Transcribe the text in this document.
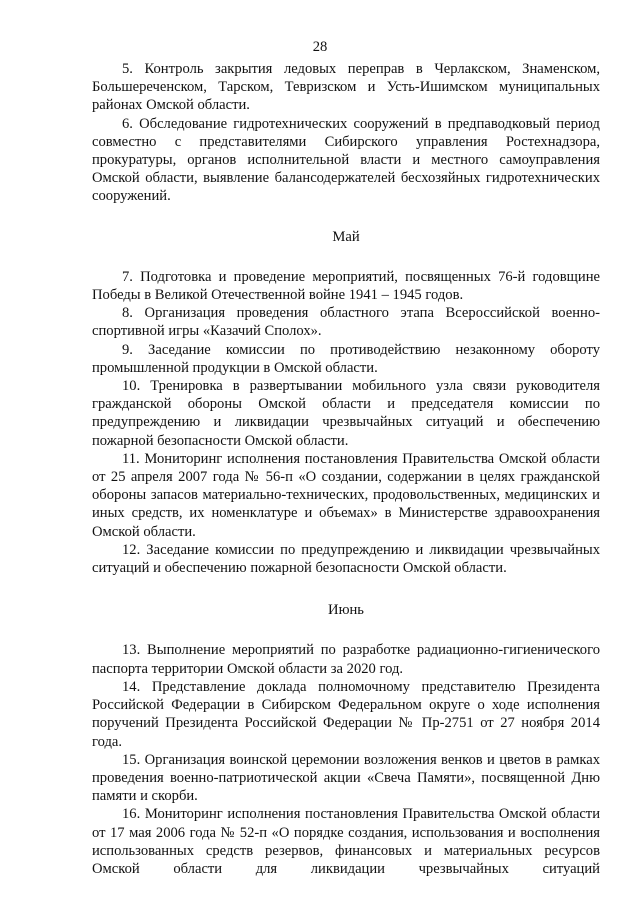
28

5. Контроль закрытия ледовых переправ в Черлакском, Знаменском, Большереченском, Тарском, Тевризском и Усть-Ишимском муниципальных районах Омской области.

6. Обследование гидротехнических сооружений в предпаводковый период совместно с представителями Сибирского управления Ростехнадзора, прокуратуры, органов исполнительной власти и местного самоуправления Омской области, выявление балансодержателей бесхозяйных гидротехнических сооружений.

Май

7. Подготовка и проведение мероприятий, посвященных 76-й годовщине Победы в Великой Отечественной войне 1941 – 1945 годов.

8. Организация проведения областного этапа Всероссийской военно-спортивной игры «Казачий Сполох».

9. Заседание комиссии по противодействию незаконному обороту промышленной продукции в Омской области.

10. Тренировка в развертывании мобильного узла связи руководителя гражданской обороны Омской области и председателя комиссии по предупреждению и ликвидации чрезвычайных ситуаций и обеспечению пожарной безопасности Омской области.

11. Мониторинг исполнения постановления Правительства Омской области от 25 апреля 2007 года № 56-п «О создании, содержании в целях гражданской обороны запасов материально-технических, продовольственных, медицинских и иных средств, их номенклатуре и объемах» в Министерстве здравоохранения Омской области.

12. Заседание комиссии по предупреждению и ликвидации чрезвычайных ситуаций и обеспечению пожарной безопасности Омской области.

Июнь

13. Выполнение мероприятий по разработке радиационно-гигиенического паспорта территории Омской области за 2020 год.

14. Представление доклада полномочному представителю Президента Российской Федерации в Сибирском Федеральном округе о ходе исполнения поручений Президента Российской Федерации № Пр-2751 от 27 ноября 2014 года.

15. Организация воинской церемонии возложения венков и цветов в рамках проведения военно-патриотической акции «Свеча Памяти», посвященной Дню памяти и скорби.

16. Мониторинг исполнения постановления Правительства Омской области от 17 мая 2006 года № 52-п «О порядке создания, использования и восполнения использованных средств резервов, финансовых и материальных ресурсов Омской области для ликвидации чрезвычайных ситуаций
